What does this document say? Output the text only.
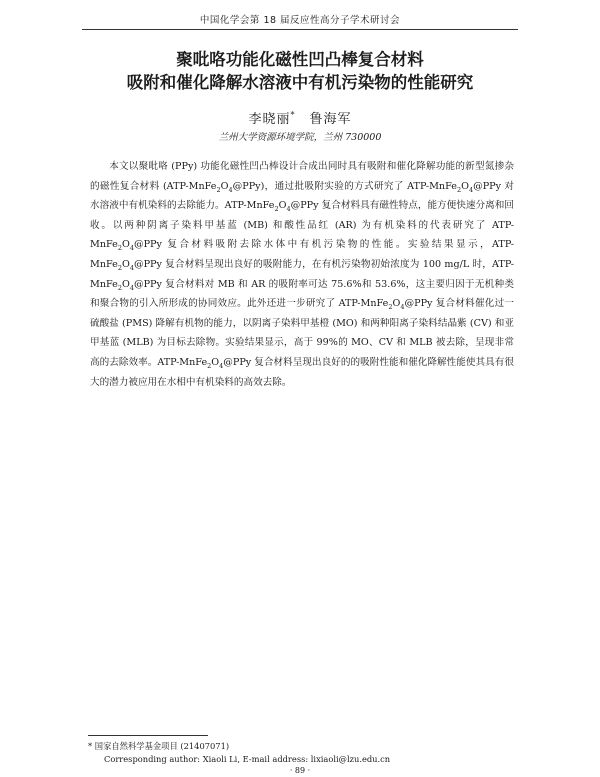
中国化学会第 18 届反应性高分子学术研讨会
聚吡咯功能化磁性凹凸棒复合材料
吸附和催化降解水溶液中有机污染物的性能研究
李晓丽* 鲁海军
兰州大学资源环境学院，兰州 730000

本文以聚吡咯 (PPy) 功能化磁性凹凸棒设计合成出同时具有吸附和催化降解功能的新型氮掺杂的磁性复合材料 $(ATP-MnFe_2O_4@PPy)$，通过批吸附实验的方式研究了 ATP-$MnFe_2O_4@PPy$ 对水溶液中有机染料的去除能力。ATP-$MnFe_2O_4@PPy$ 复合材料具有磁性特点，能方便快速分离和回收。以两种阴离子染料甲基蓝 (MB) 和酸性品红 (AR) 为有机染料的代表研究了 ATP-$MnFe_2O_4@PPy$ 复合材料吸附去除水体中有机污染物的性能。实验结果显示，ATP-$MnFe_2O_4@PPy$ 复合材料呈现出良好的吸附能力，在有机污染物初始浓度为 100 mg/L 时，ATP-$MnFe_2O_4@PPy$ 复合材料对 MB 和 AR 的吸附率可达 75.6%和 53.6%，这主要归因于无机种类和聚合物的引入所形成的协同效应。此外还进一步研究了 ATP-$MnFe_2O_4@PPy$ 复合材料催化过一硫酸盐 (PMS) 降解有机物的能力，以阴离子染料甲基橙 (MO) 和两种阳离子染料结晶紫 (CV) 和亚甲基蓝 (MLB) 为目标去除物。实验结果显示，高于 99%的 MO、CV 和 MLB 被去除，呈现非常高的去除效率。ATP-$MnFe_2O_4@PPy$ 复合材料呈现出良好的的吸附性能和催化降解性能使其具有很大的潜力被应用在水相中有机染料的高效去除。

* 国家自然科学基金项目 (21407071)
Corresponding author: Xiaoli Li, E-mail address: lixiaoli@lzu.edu.cn
· 89 ·
